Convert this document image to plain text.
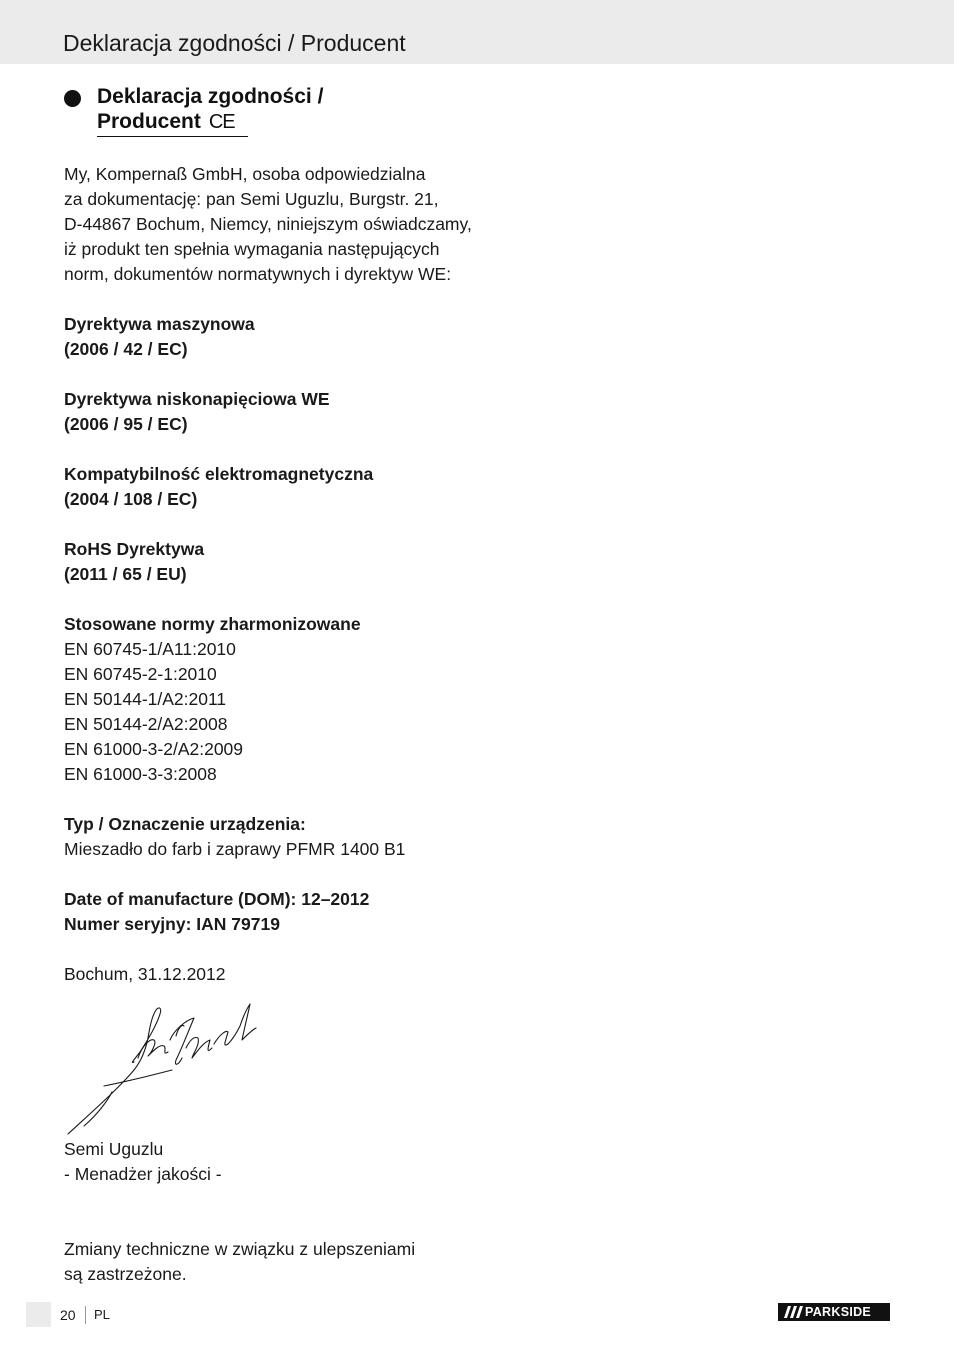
Deklaracja zgodności / Producent
Deklaracja zgodności /
Producent CE
My, Kompernaß GmbH, osoba odpowiedzialna
za dokumentację: pan Semi Uguzlu, Burgstr. 21,
D-44867 Bochum, Niemcy, niniejszym oświadczamy,
iż produkt ten spełnia wymagania następujących
norm, dokumentów normatywnych i dyrektyw WE:
Dyrektywa maszynowa
(2006 / 42 / EC)
Dyrektywa niskonapięciowa WE
(2006 / 95 / EC)
Kompatybilność elektromagnetyczna
(2004 / 108 / EC)
RoHS Dyrektywa
(2011 / 65 / EU)
Stosowane normy zharmonizowane
EN 60745-1/A11:2010
EN 60745-2-1:2010
EN 50144-1/A2:2011
EN 50144-2/A2:2008
EN 61000-3-2/A2:2009
EN 61000-3-3:2008
Typ / Oznaczenie urządzenia:
Mieszadło do farb i zaprawy PFMR 1400 B1
Date of manufacture (DOM): 12–2012
Numer seryjny: IAN 79719
Bochum, 31.12.2012
Semi Uguzlu
- Menadżer jakości -
Zmiany techniczne w związku z ulepszeniami
są zastrzeżone.
20 PL	PARKSIDE
